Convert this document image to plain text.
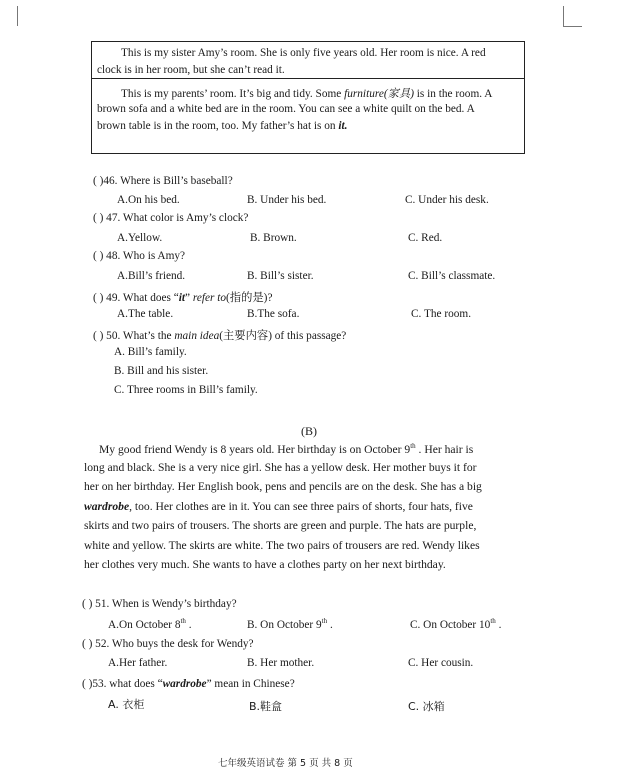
This is my sister Amy’s room. She is only five years old. Her room is nice. A red
clock is in her room, but she can’t read it.
This is my parents’ room. It’s big and tidy. Some furniture(家具) is in the room. A
brown sofa and a white bed are in the room. You can see a white quilt on the bed. A
brown table is in the room, too. My father’s hat is on it.
( )46. Where is Bill’s baseball?
A.On his bed.	B. Under his bed.	C. Under his desk.
( ) 47. What color is Amy’s clock?
A.Yellow.	B. Brown.	C. Red.
( ) 48. Who is Amy?
A.Bill’s friend.	B. Bill’s sister.	C. Bill’s classmate.
( ) 49. What does “it” refer to(指的是)?
A.The table.	B.The sofa.	C. The room.
( ) 50. What’s the main idea(主要内容) of this passage?
A. Bill’s family.
B. Bill and his sister.
C. Three rooms in Bill’s family.
(B)
My good friend Wendy is 8 years old. Her birthday is on October 9th . Her hair is
long and black. She is a very nice girl. She has a yellow desk. Her mother buys it for
her on her birthday. Her English book, pens and pencils are on the desk. She has a big
wardrobe, too. Her clothes are in it. You can see three pairs of shorts, four hats, five
skirts and two pairs of trousers. The shorts are green and purple. The hats are purple,
white and yellow. The skirts are white. The two pairs of trousers are red. Wendy likes
her clothes very much. She wants to have a clothes party on her next birthday.
( ) 51. When is Wendy’s birthday?
A.On October 8th .	B. On October 9th .	C. On October 10th .
( ) 52. Who buys the desk for Wendy?
A.Her father.	B. Her mother.	C. Her cousin.
( )53. what does “wardrobe” mean in Chinese?
A. 衣柜	B.鞋盒	C. 冰箱
七年级英语试卷 第 5 页 共 8 页
